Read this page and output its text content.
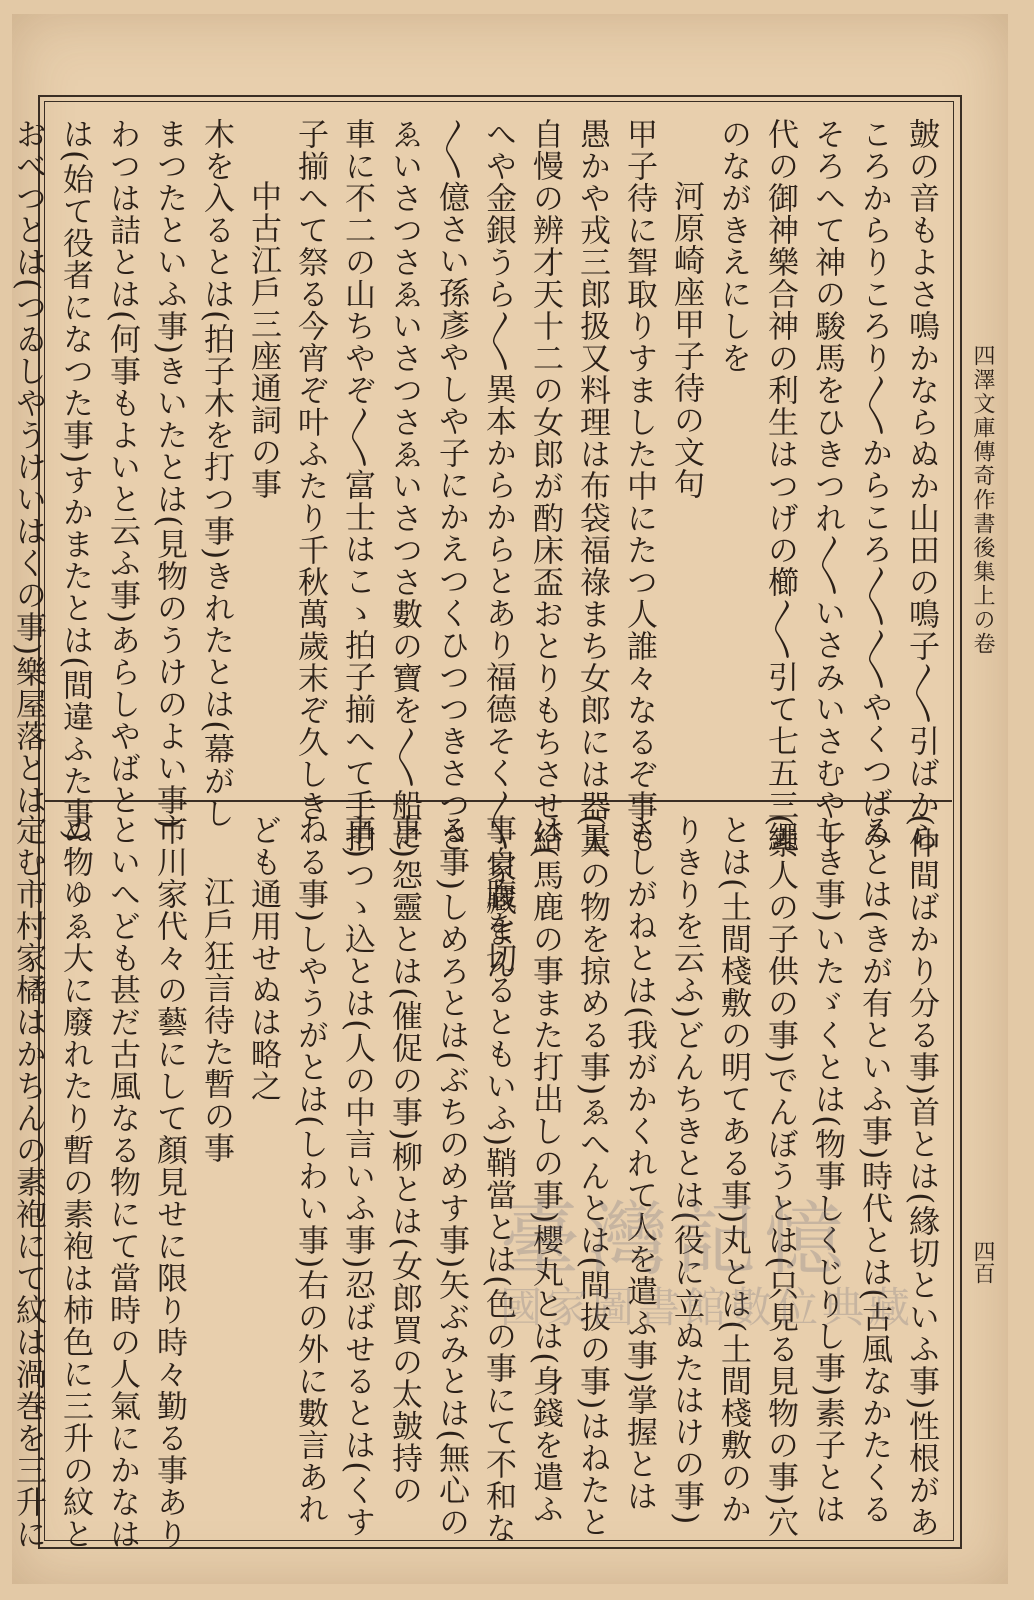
四澤文庫傳奇作書後集上の卷
四百
皷の音もよさ鳴かならぬか山田の鳴子〳〵引ばから
ころからりころり〳〵からころ〳〵〳〵やくつばみ
そろへて神の駿馬をひきつれ〳〵いさみいさむや千
代の御神樂合神の利生はつげの櫛〳〵引て七五三繩
のながきえにしを
河原崎座甲子待の文句
甲子待に聟取りすました中にたつ人誰々なるぞ事も
愚かや戎三郎扱又料理は布袋福祿まち女郎には器量
自慢の辨才天十二の女郎が酌床盃おとりもちさせ給
へや金銀うら〳〵異本からからとあり福德そく〳〵家藏まん
〳〵億さい孫彥やしや子にかえつくひつつきさつさ
ゑいさつさゑいさつさゑいさつさ數の寶を〳〵船に
車に不二の山ちやぞ〳〵富士はこゝ拍子揃へて手拍
子揃へて祭る今宵ぞ叶ふたり千秋萬歲末ぞ久しき
中古江戶三座通詞の事
木を入るとは(拍子木を打つ事)きれたとは(幕がし
まつたといふ事)きいたとは(見物のうけのよい事)
わつは詰とは(何事もよいと云ふ事)あらしやばと
は(始て役者になつた事)すかまたとは(間違ふた事)
おべつとは(つゐしやうけいはくの事)樂屋落とは
(仲間ばかり分る事)首とは(緣切といふ事)性根があ
るとは(きが有といふ事)時代とは(古風なかたくる
しき事)いたゞくとは(物事しくじりし事)素子とは
(素人の子供の事)でんぼうとは(只見る見物の事)穴
とは(土間棧敷の明てある事)丸とは(土間棧敷のか
りきりを云ふ)どんちきとは(役に立ぬたはけの事)
さしがねとは(我がかくれて人を遣ふ事)掌握とは
(人の物を掠める事)ゑへんとは(間抜の事)はねたと
は(馬鹿の事また打出しの事)櫻丸とは(身錢を遣ふ
事自腹を切るともいふ)鞘當とは(色の事にて不和な
る事)しめろとは(ぶちのめす事)矢ぶみとは(無心の
事)怨靈とは(催促の事)柳とは(女郎買の太皷持の
事)つゝ込とは(人の中言いふ事)忍ばせるとは(くす
ねる事)しやうがとは(しわい事)右の外に數言あれ
ども通用せぬは略之
江戶狂言待た暫の事
市川家代々の藝にして顏見せに限り時々勤る事あり
といへども甚だ古風なる物にて當時の人氣にかなは
ぬ物ゆゑ大に廢れたり暫の素袍は柿色に三升の紋と
定む市村家橘はかちんの素袍にて紋は渦巻を三升に	臺灣記憶
國家圖書館數位典藏
